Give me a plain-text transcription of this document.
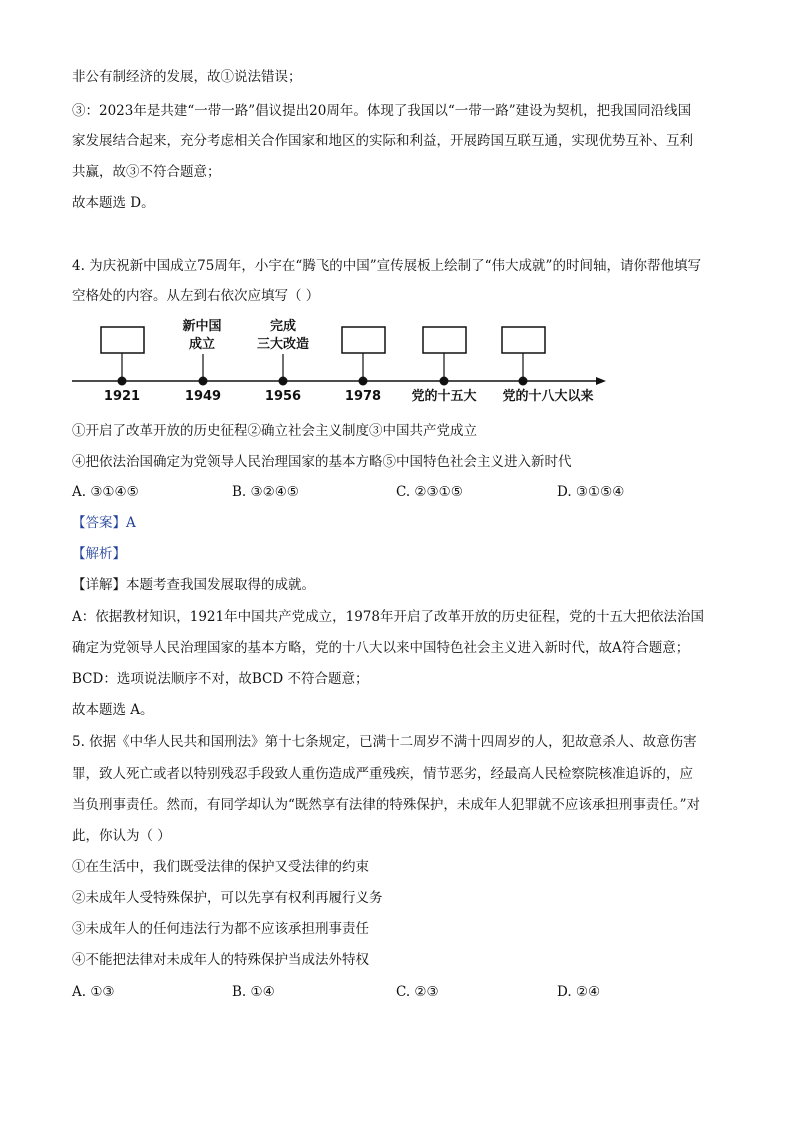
非公有制经济的发展，故①说法错误；
③：2023年是共建“一带一路”倡议提出20周年。体现了我国以“一带一路”建设为契机，把我国同沿线国
家发展结合起来，充分考虑相关合作国家和地区的实际和利益，开展跨国互联互通，实现优势互补、互利
共赢，故③不符合题意；
故本题选 D。
4. 为庆祝新中国成立75周年，小宇在“腾飞的中国”宣传展板上绘制了“伟大成就”的时间轴，请你帮他填写
空格处的内容。从左到右依次应填写（ ）
新中国
成立
完成
三大改造
1921	1949	1956	1978 党的十五大 党的十八大以来
①开启了改革开放的历史征程②确立社会主义制度③中国共产党成立
④把依法治国确定为党领导人民治理国家的基本方略⑤中国特色社会主义进入新时代
A. ③①④⑤	B. ③②④⑤	C. ②③①⑤	D. ③①⑤④
【答案】A
【解析】
【详解】本题考查我国发展取得的成就。
A：依据教材知识，1921年中国共产党成立，1978年开启了改革开放的历史征程，党的十五大把依法治国
确定为党领导人民治理国家的基本方略，党的十八大以来中国特色社会主义进入新时代，故A符合题意；
BCD：选项说法顺序不对，故BCD 不符合题意；
故本题选 A。
5. 依据《中华人民共和国刑法》第十七条规定，已满十二周岁不满十四周岁的人，犯故意杀人、故意伤害
罪，致人死亡或者以特别残忍手段致人重伤造成严重残疾，情节恶劣，经最高人民检察院核准追诉的，应
当负刑事责任。然而，有同学却认为“既然享有法律的特殊保护，未成年人犯罪就不应该承担刑事责任。”对
此，你认为（ ）
①在生活中，我们既受法律的保护又受法律的约束
②未成年人受特殊保护，可以先享有权利再履行义务
③未成年人的任何违法行为都不应该承担刑事责任
④不能把法律对未成年人的特殊保护当成法外特权
A. ①③	B. ①④	C. ②③	D. ②④
